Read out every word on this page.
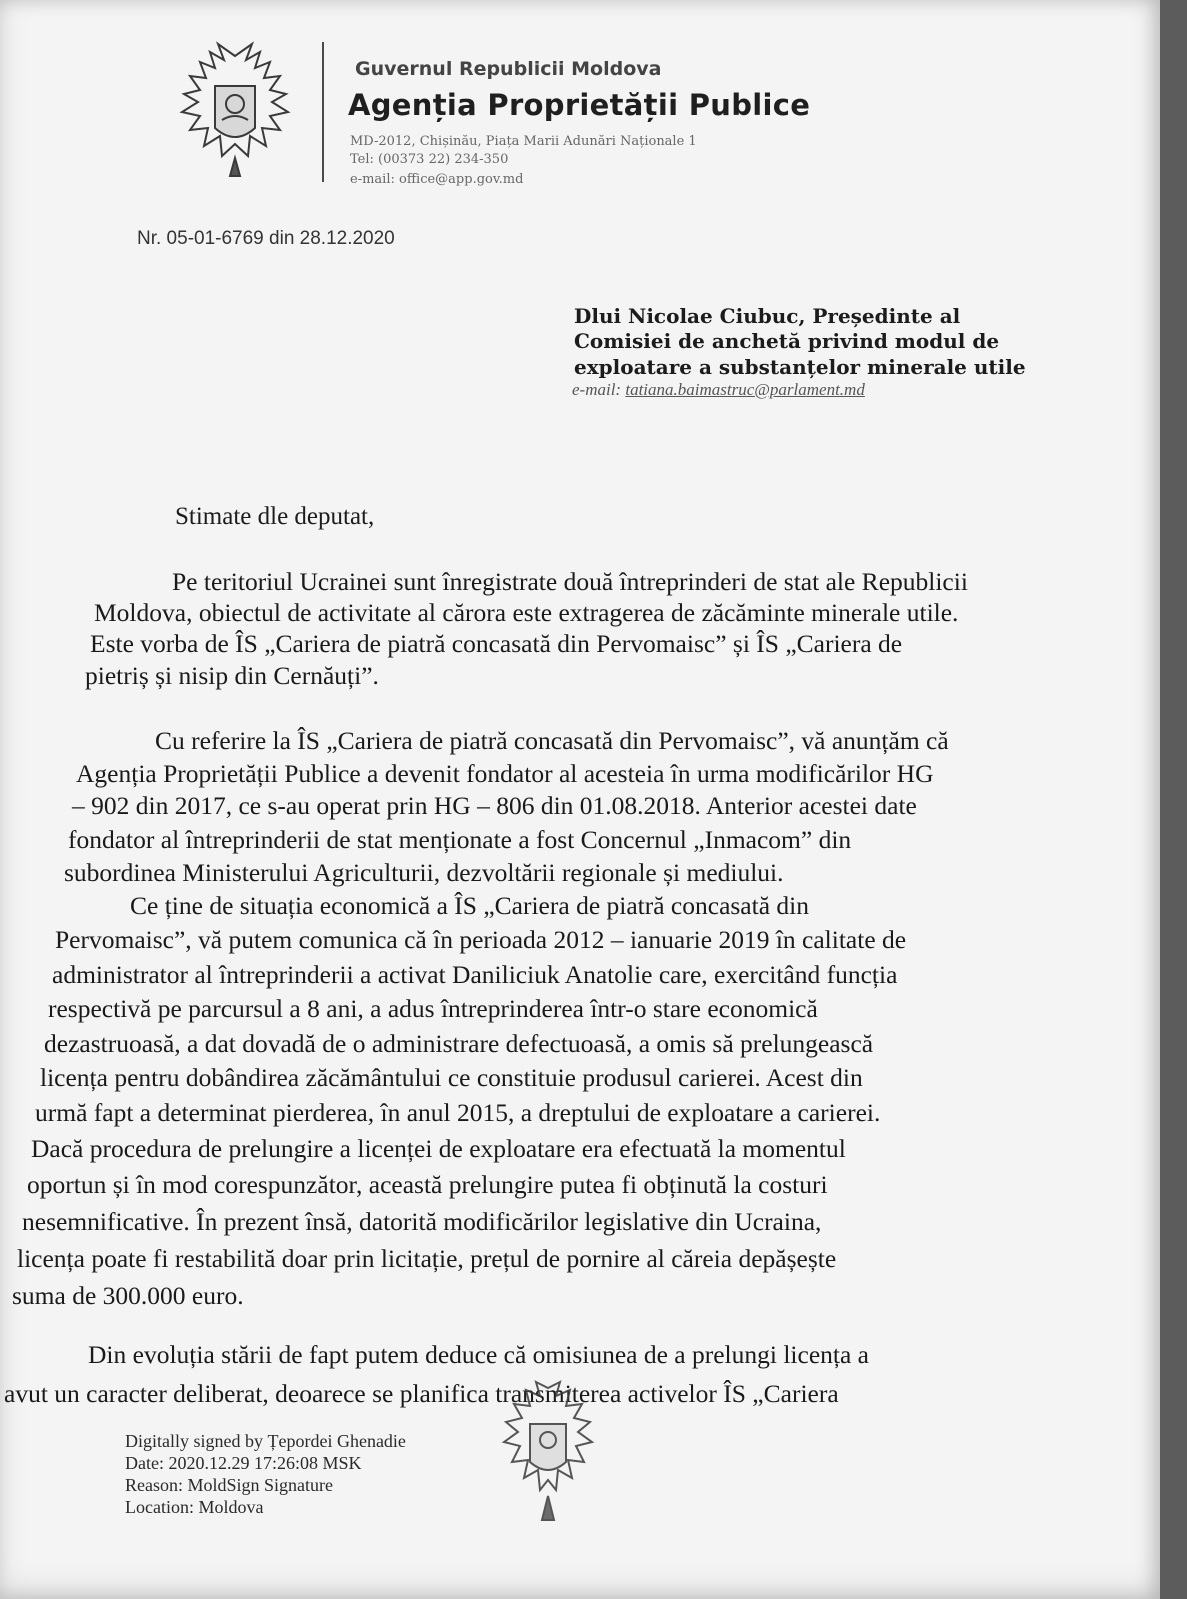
Guvernul Republicii Moldova
Agenția Proprietății Publice
MD-2012, Chișinău, Piața Marii Adunări Naționale 1
Tel: (00373 22) 234-350
e-mail: office@app.gov.md
Nr. 05-01-6769 din 28.12.2020
Dlui Nicolae Ciubuc, Președinte al
Comisiei de anchetă privind modul de
exploatare a substanțelor minerale utile
e-mail: tatiana.baimastruc@parlament.md
Stimate dle deputat,
Pe teritoriul Ucrainei sunt înregistrate două întreprinderi de stat ale Republicii
Moldova, obiectul de activitate al cărora este extragerea de zăcăminte minerale utile.
Este vorba de ÎS „Cariera de piatră concasată din Pervomaisc” și ÎS „Cariera de
pietriș și nisip din Cernăuți”.
Cu referire la ÎS „Cariera de piatră concasată din Pervomaisc”, vă anunțăm că
Agenția Proprietății Publice a devenit fondator al acesteia în urma modificărilor HG
– 902 din 2017, ce s-au operat prin HG – 806 din 01.08.2018. Anterior acestei date
fondator al întreprinderii de stat menționate a fost Concernul „Inmacom” din
subordinea Ministerului Agriculturii, dezvoltării regionale și mediului.
Ce ține de situația economică a ÎS „Cariera de piatră concasată din
Pervomaisc”, vă putem comunica că în perioada 2012 – ianuarie 2019 în calitate de
administrator al întreprinderii a activat Daniliciuk Anatolie care, exercitând funcția
respectivă pe parcursul a 8 ani, a adus întreprinderea într-o stare economică
dezastruoasă, a dat dovadă de o administrare defectuoasă, a omis să prelungească
licența pentru dobândirea zăcământului ce constituie produsul carierei. Acest din
urmă fapt a determinat pierderea, în anul 2015, a dreptului de exploatare a carierei.
Dacă procedura de prelungire a licenței de exploatare era efectuată la momentul
oportun și în mod corespunzător, această prelungire putea fi obținută la costuri
nesemnificative. În prezent însă, datorită modificărilor legislative din Ucraina,
licența poate fi restabilită doar prin licitație, prețul de pornire al căreia depășește
suma de 300.000 euro.
Din evoluția stării de fapt putem deduce că omisiunea de a prelungi licența a
avut un caracter deliberat, deoarece se planifica transmiterea activelor ÎS „Cariera
Digitally signed by Țepordei Ghenadie
Date: 2020.12.29 17:26:08 MSK
Reason: MoldSign Signature
Location: Moldova
